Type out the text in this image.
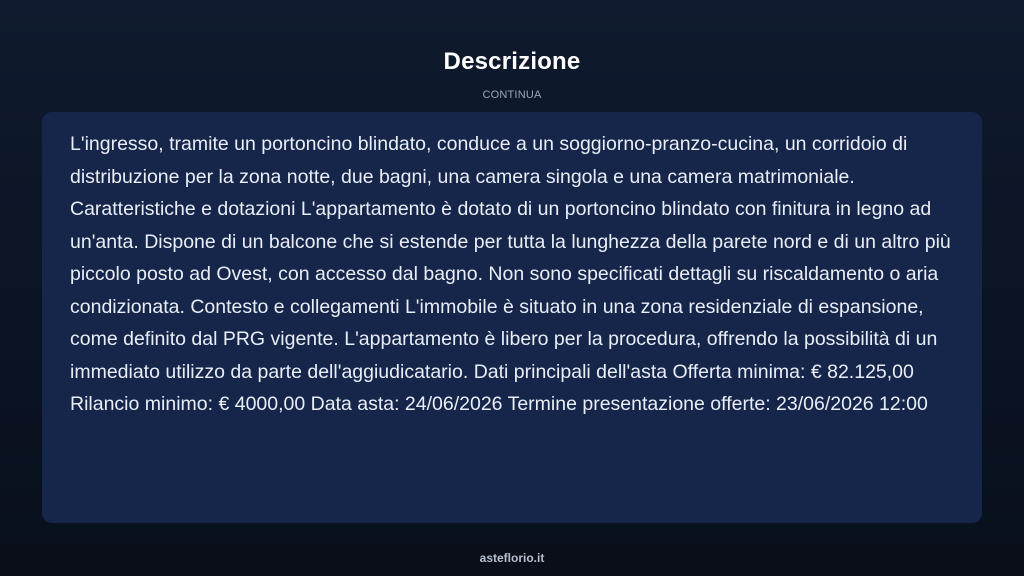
Descrizione
CONTINUA

L'ingresso, tramite un portoncino blindato, conduce a un soggiorno-pranzo-cucina, un corridoio di distribuzione per la zona notte, due bagni, una camera singola e una camera matrimoniale. Caratteristiche e dotazioni L'appartamento è dotato di un portoncino blindato con finitura in legno ad un'anta. Dispone di un balcone che si estende per tutta la lunghezza della parete nord e di un altro più piccolo posto ad Ovest, con accesso dal bagno. Non sono specificati dettagli su riscaldamento o aria condizionata. Contesto e collegamenti L'immobile è situato in una zona residenziale di espansione, come definito dal PRG vigente. L'appartamento è libero per la procedura, offrendo la possibilità di un immediato utilizzo da parte dell'aggiudicatario. Dati principali dell'asta Offerta minima: € 82.125,00 Rilancio minimo: € 4000,00 Data asta: 24/06/2026 Termine presentazione offerte: 23/06/2026 12:00

asteflorio.it
